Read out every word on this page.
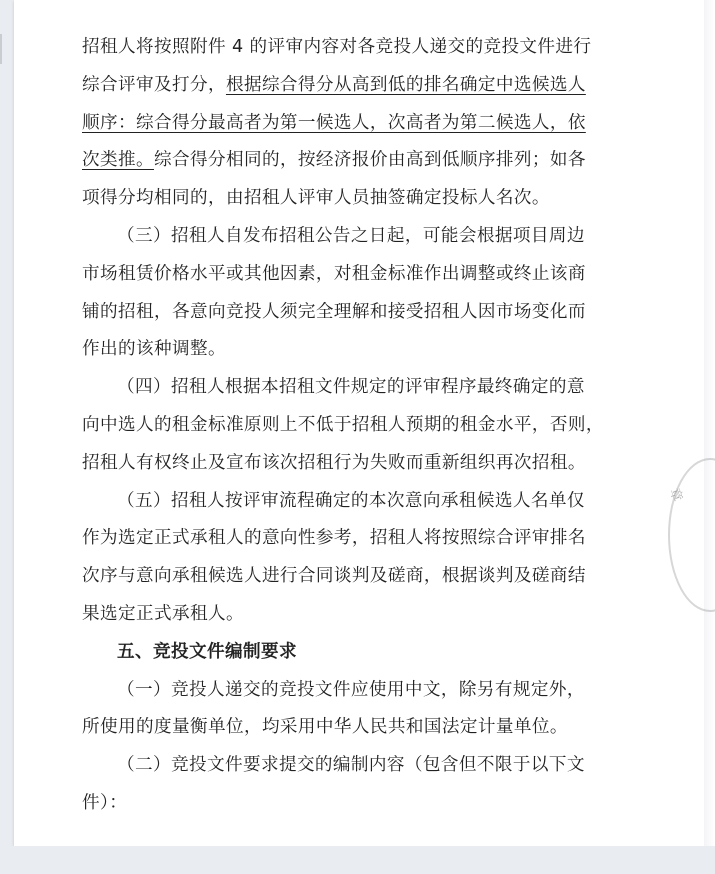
招租人将按照附件 4 的评审内容对各竞投人递交的竞投文件进行
综合评审及打分，根据综合得分从高到低的排名确定中选候选人
顺序：综合得分最高者为第一候选人，次高者为第二候选人，依
次类推。综合得分相同的，按经济报价由高到低顺序排列；如各
项得分均相同的，由招租人评审人员抽签确定投标人名次。
（三）招租人自发布招租公告之日起，可能会根据项目周边
市场租赁价格水平或其他因素，对租金标准作出调整或终止该商
铺的招租，各意向竞投人须完全理解和接受招租人因市场变化而
作出的该种调整。
（四）招租人根据本招租文件规定的评审程序最终确定的意
向中选人的租金标准原则上不低于招租人预期的租金水平，否则，
招租人有权终止及宣布该次招租行为失败而重新组织再次招租。
（五）招租人按评审流程确定的本次意向承租候选人名单仅
作为选定正式承租人的意向性参考，招租人将按照综合评审排名
次序与意向承租候选人进行合同谈判及磋商，根据谈判及磋商结
果选定正式承租人。
五、竞投文件编制要求
（一）竞投人递交的竞投文件应使用中文，除另有规定外，
所使用的度量衡单位，均采用中华人民共和国法定计量单位。
（二）竞投文件要求提交的编制内容（包含但不限于以下文
件）：
章
